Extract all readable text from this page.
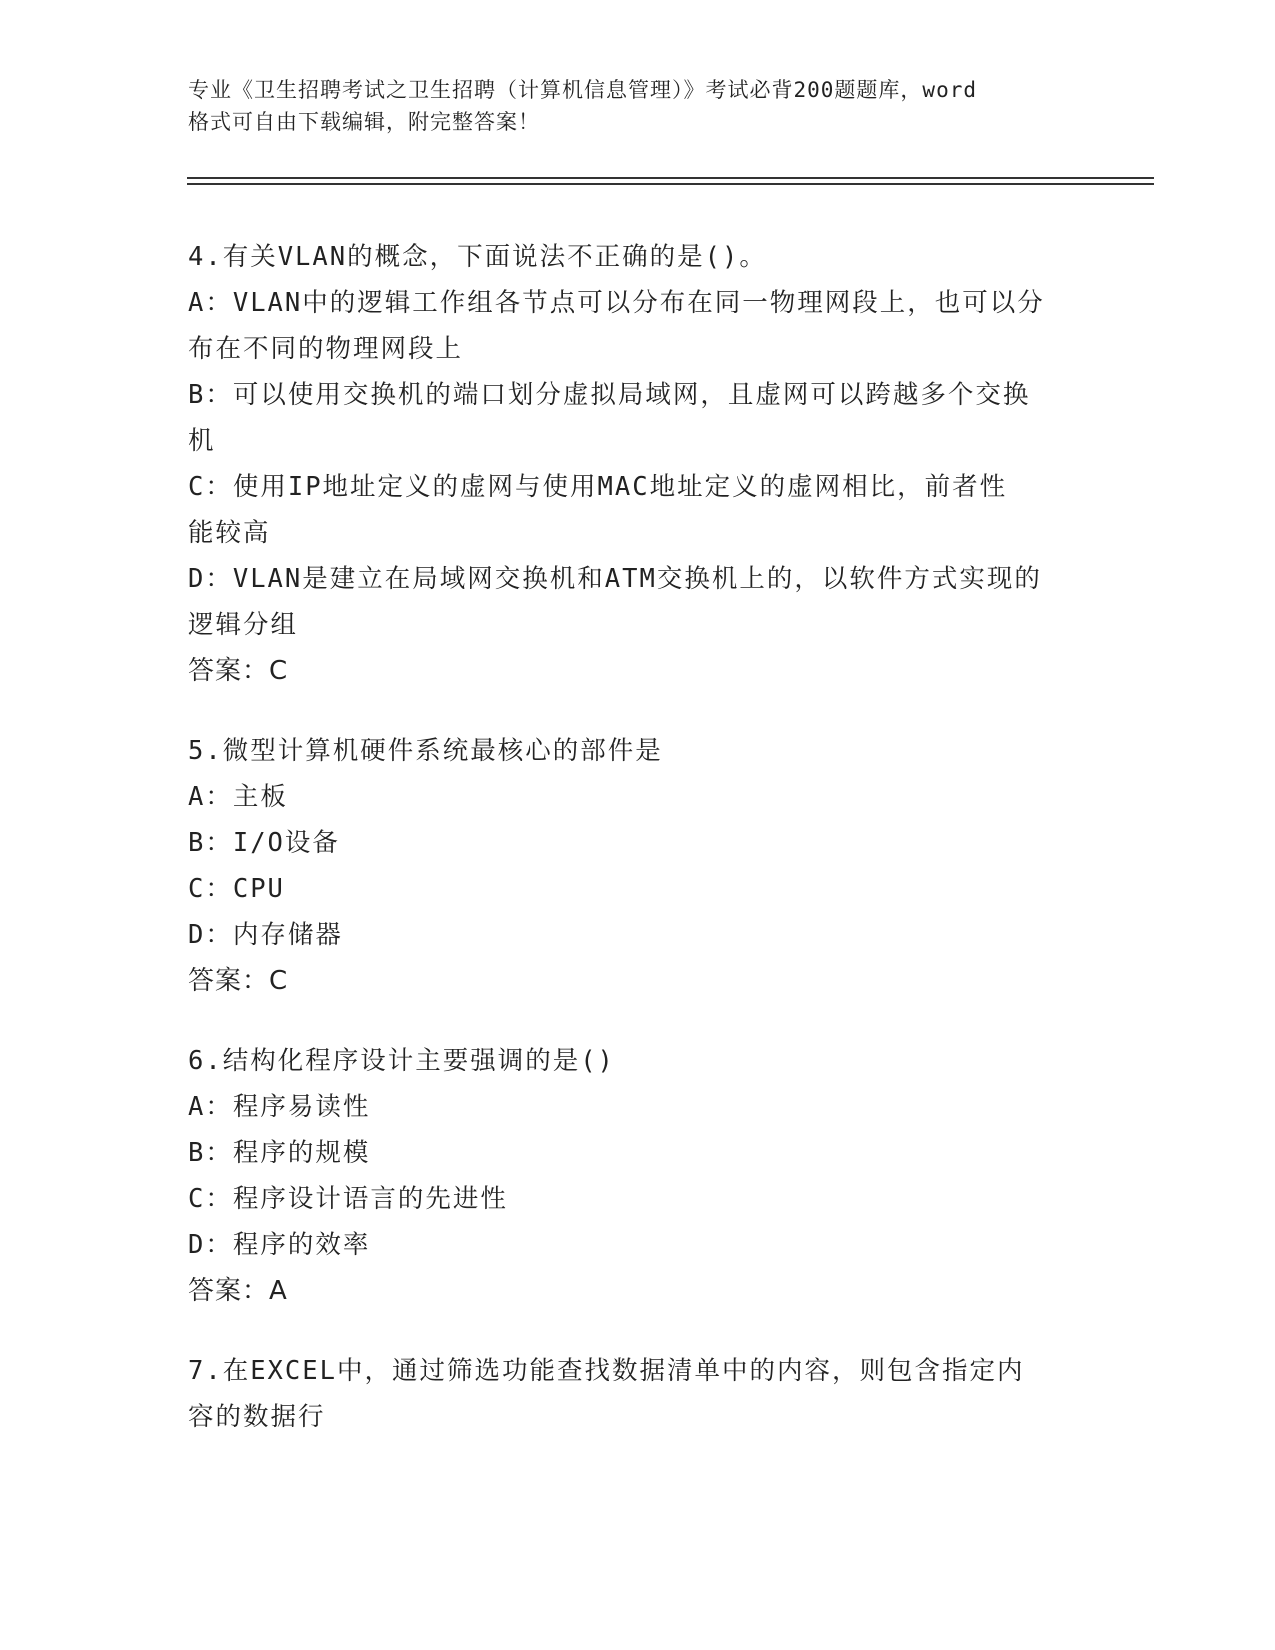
专业《卫生招聘考试之卫生招聘（计算机信息管理）》考试必背200题题库，word
格式可自由下载编辑，附完整答案！
4.有关VLAN的概念，下面说法不正确的是()。
A：VLAN中的逻辑工作组各节点可以分布在同一物理网段上，也可以分
布在不同的物理网段上
B：可以使用交换机的端口划分虚拟局域网，且虚网可以跨越多个交换
机
C：使用IP地址定义的虚网与使用MAC地址定义的虚网相比，前者性
能较高
D：VLAN是建立在局域网交换机和ATM交换机上的，以软件方式实现的
逻辑分组
答案：C
5.微型计算机硬件系统最核心的部件是
A：主板
B：I/O设备
C：CPU
D：内存储器
答案：C
6.结构化程序设计主要强调的是()
A：程序易读性
B：程序的规模
C：程序设计语言的先进性
D：程序的效率
答案：A
7.在EXCEL中，通过筛选功能查找数据清单中的内容，则包含指定内
容的数据行
